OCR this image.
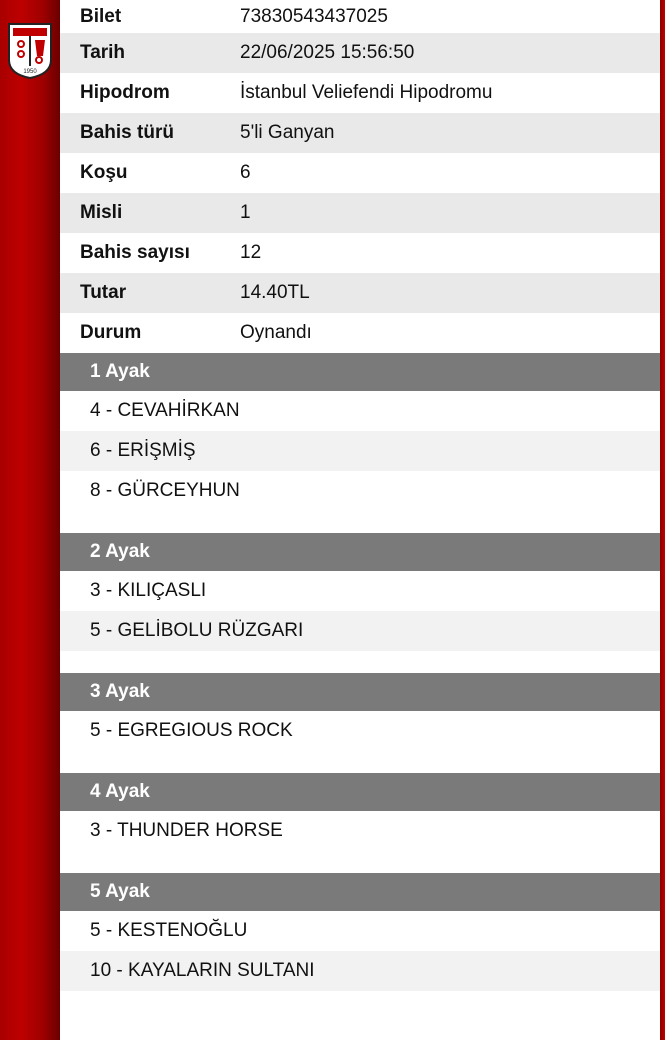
1950
Bilet	73830543437025
Tarih	22/06/2025 15:56:50
Hipodrom	İstanbul Veliefendi Hipodromu
Bahis türü	5'li Ganyan
Koşu	6
Misli	1
Bahis sayısı	12
Tutar	14.40TL
Durum	Oynandı
1 Ayak
4 - CEVAHİRKAN
6 - ERİŞMİŞ
8 - GÜRCEYHUN
2 Ayak
3 - KILIÇASLI
5 - GELİBOLU RÜZGARI
3 Ayak
5 - EGREGIOUS ROCK
4 Ayak
3 - THUNDER HORSE
5 Ayak
5 - KESTENOĞLU
10 - KAYALARIN SULTANI
